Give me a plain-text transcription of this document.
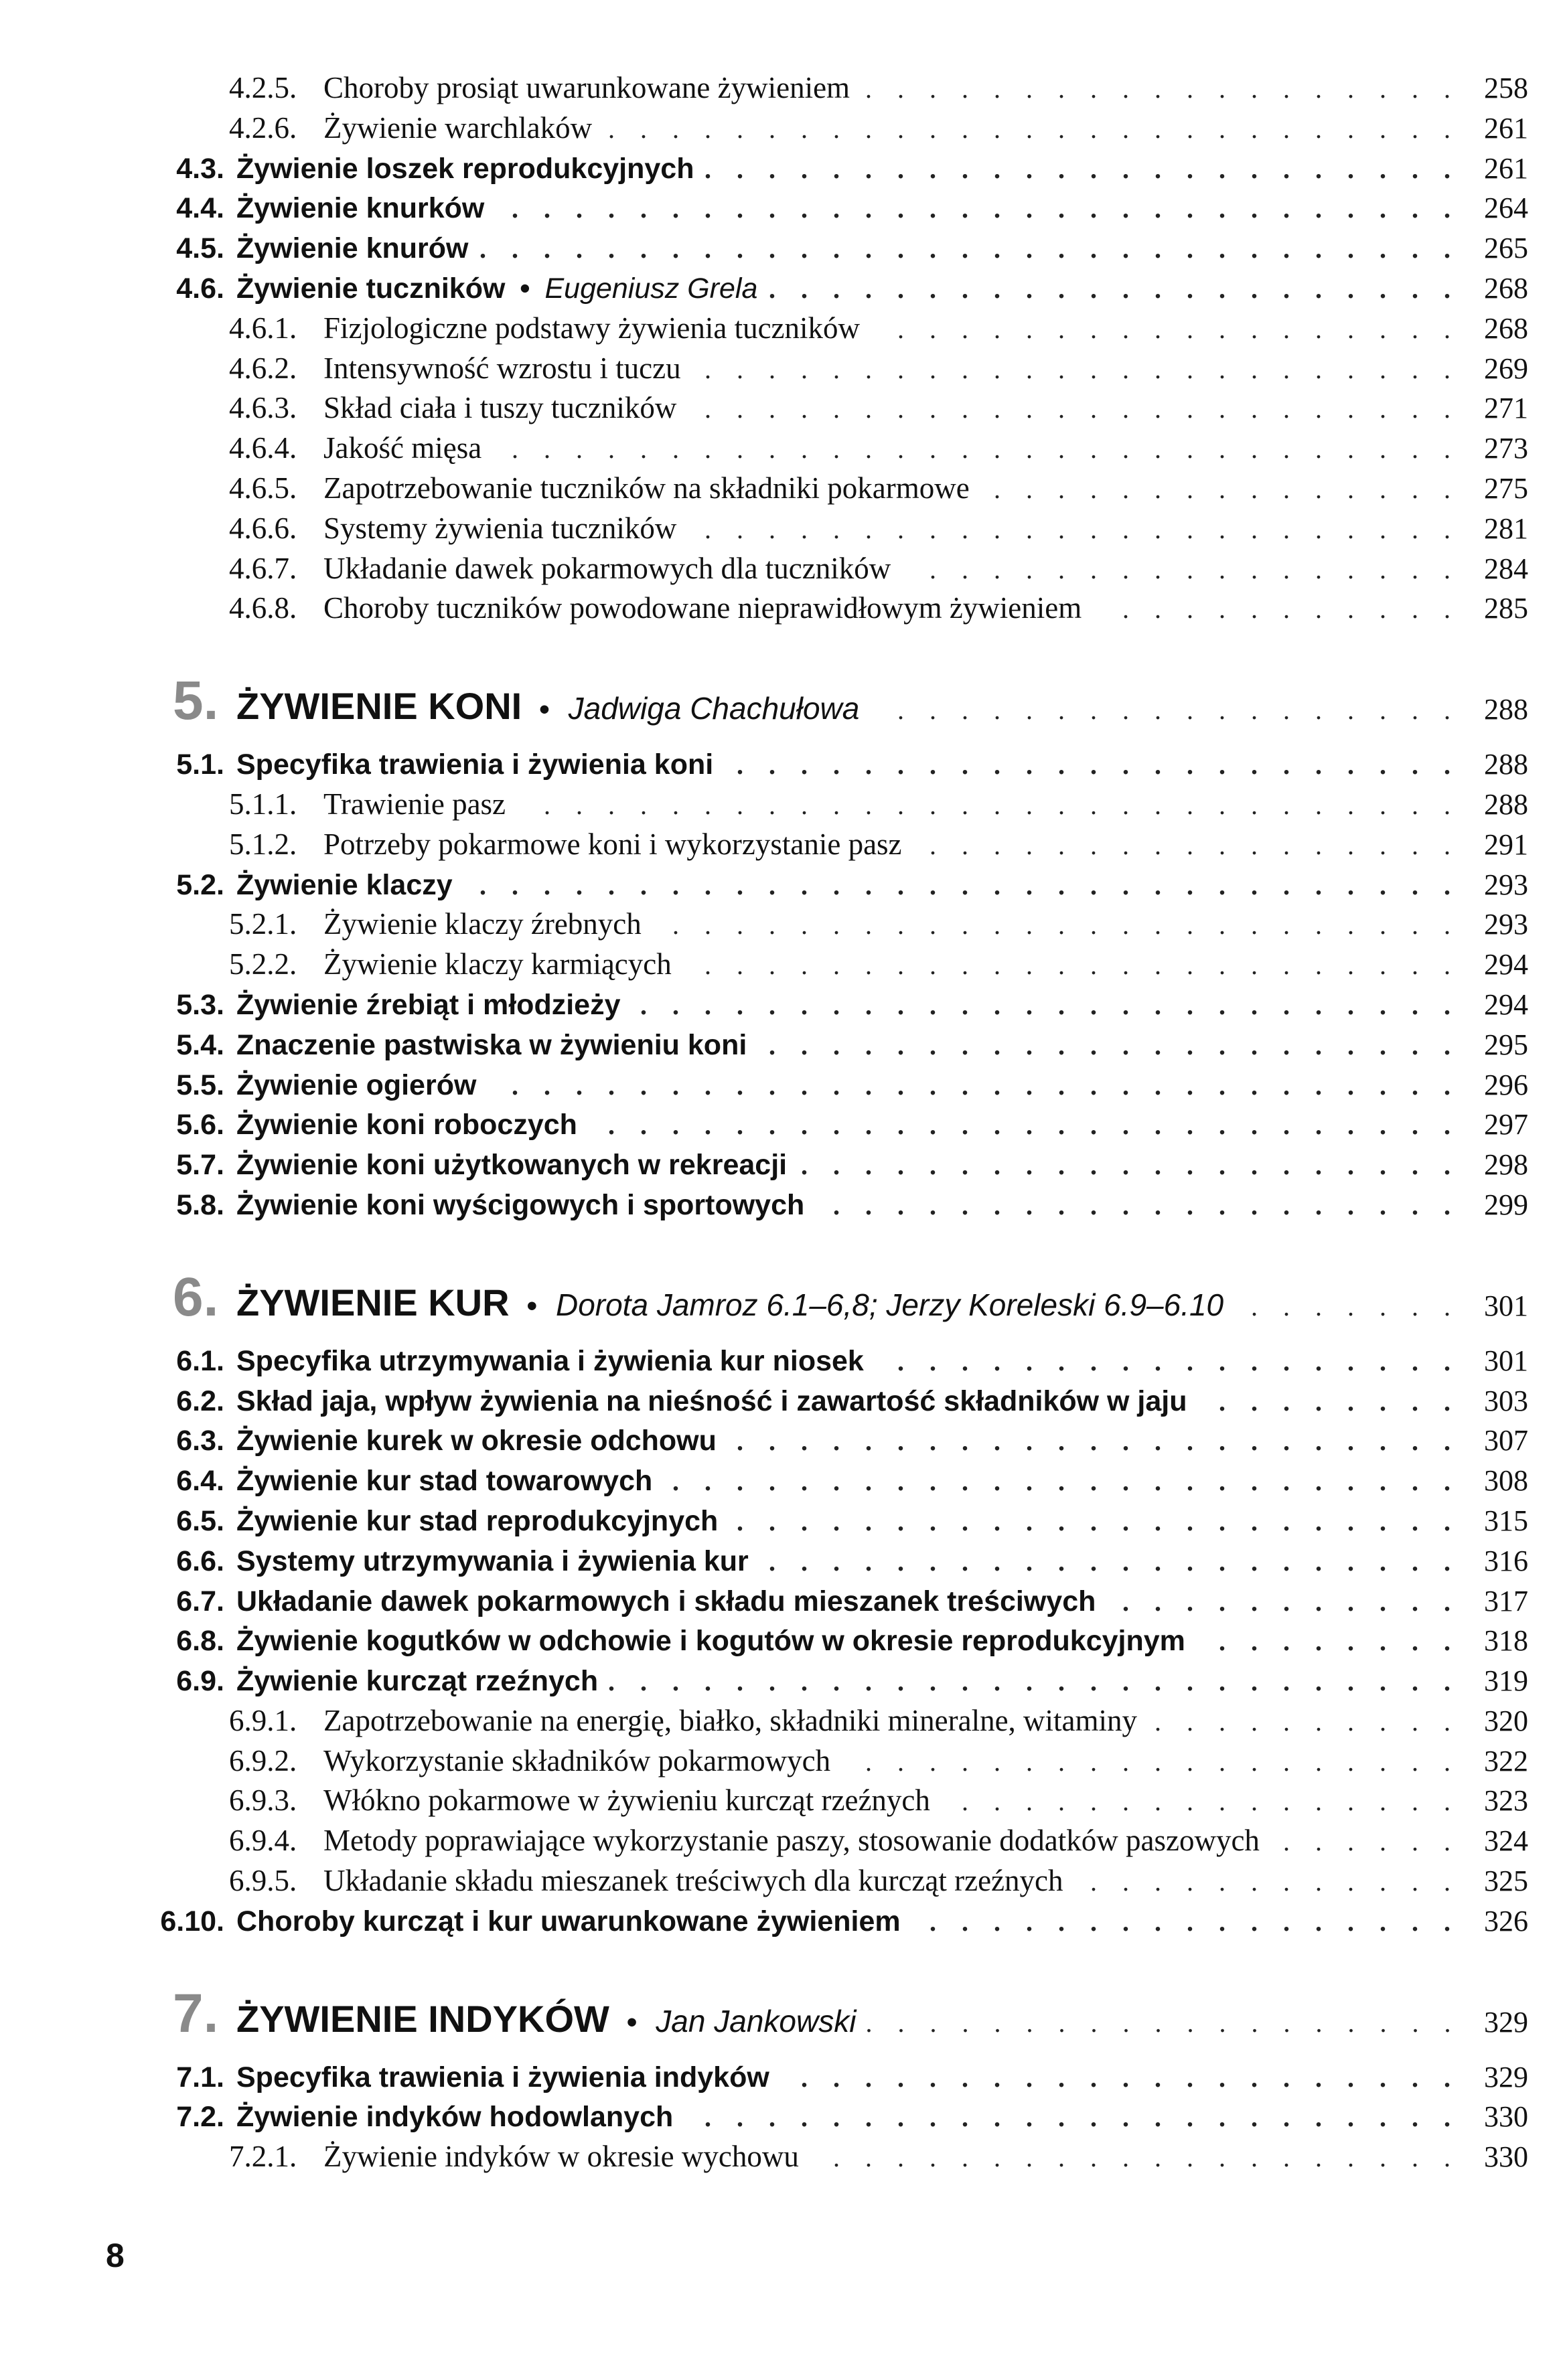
4.2.5. Choroby prosiąt uwarunkowane żywieniem . . . . . . . . . . . . . . . . . . . 258
4.2.6. Żywienie warchlaków . . . . . . . . . . . . . . . . . . . . . . . . . . . 261
4.3. Żywienie loszek reprodukcyjnych . . . . . . . . . . . . . . . . . . . . . . . . 261
4.4. Żywienie knurków	. . . . . . . . . . . . . . . . . . . . . . . . . . . . . . 264
4.5. Żywienie knurów . . . . . . . . . . . . . . . . . . . . . . . . . . . . . . . 265
4.6. Żywienie tuczników • Eugeniusz Grela . . . . . . . . . . . . . . . . . . . . . . 268
4.6.1. Fizjologiczne podstawy żywienia tuczników	. . . . . . . . . . . . . . . . . . 268
4.6.2. Intensywność wzrostu i tuczu . . . . . . . . . . . . . . . . . . . . . . . . 269
4.6.3. Skład ciała i tuszy tuczników	. . . . . . . . . . . . . . . . . . . . . . . . 271
4.6.4. Jakość mięsa	. . . . . . . . . . . . . . . . . . . . . . . . . . . . . . 273
4.6.5. Zapotrzebowanie tuczników na składniki pokarmowe . . . . . . . . . . . . . . . 275
4.6.6. Systemy żywienia tuczników	. . . . . . . . . . . . . . . . . . . . . . . . 281
4.6.7. Układanie dawek pokarmowych dla tuczników	. . . . . . . . . . . . . . . . . 284
4.6.8. Choroby tuczników powodowane nieprawidłowym żywieniem	. . . . . . . . . . . 285
5. ŻYWIENIE KONI • Jadwiga Chachułowa	. . . . . . . . . . . . . . . . . . 288
5.1. Specyfika trawienia i żywienia koni . . . . . . . . . . . . . . . . . . . . . . . 288
5.1.1. Trawienie pasz	. . . . . . . . . . . . . . . . . . . . . . . . . . . . . 288
5.1.2. Potrzeby pokarmowe koni i wykorzystanie pasz	. . . . . . . . . . . . . . . . . 291
5.2. Żywienie klaczy	. . . . . . . . . . . . . . . . . . . . . . . . . . . . . . . 293
5.2.1. Żywienie klaczy źrebnych	. . . . . . . . . . . . . . . . . . . . . . . . . 293
5.2.2. Żywienie klaczy karmiących	. . . . . . . . . . . . . . . . . . . . . . . . 294
5.3. Żywienie źrebiąt i młodzieży . . . . . . . . . . . . . . . . . . . . . . . . . . 294
5.4. Znaczenie pastwiska w żywieniu koni . . . . . . . . . . . . . . . . . . . . . . 295
5.5. Żywienie ogierów	. . . . . . . . . . . . . . . . . . . . . . . . . . . . . . 296
5.6. Żywienie koni roboczych	. . . . . . . . . . . . . . . . . . . . . . . . . . . 297
5.7. Żywienie koni użytkowanych w rekreacji . . . . . . . . . . . . . . . . . . . . . 298
5.8. Żywienie koni wyścigowych i sportowych	. . . . . . . . . . . . . . . . . . . . 299
6. ŻYWIENIE KUR • Dorota Jamroz 6.1–6,8; Jerzy Koreleski 6.9–6.10	. . . . . . . 301
6.1. Specyfika utrzymywania i żywienia kur niosek	. . . . . . . . . . . . . . . . . . 301
6.2. Skład jaja, wpływ żywienia na nieśność i zawartość składników w jaju	. . . . . . . . 303
6.3. Żywienie kurek w okresie odchowu . . . . . . . . . . . . . . . . . . . . . . . 307
6.4. Żywienie kur stad towarowych . . . . . . . . . . . . . . . . . . . . . . . . . 308
6.5. Żywienie kur stad reprodukcyjnych . . . . . . . . . . . . . . . . . . . . . . . 315
6.6. Systemy utrzymywania i żywienia kur . . . . . . . . . . . . . . . . . . . . . . 316
6.7. Układanie dawek pokarmowych i składu mieszanek treściwych . . . . . . . . . . . 317
6.8. Żywienie kogutków w odchowie i kogutów w okresie reprodukcyjnym	. . . . . . . . 318
6.9. Żywienie kurcząt rzeźnych . . . . . . . . . . . . . . . . . . . . . . . . . . . 319
6.9.1. Zapotrzebowanie na energię, białko, składniki mineralne, witaminy . . . . . . . . . . 320
6.9.2. Wykorzystanie składników pokarmowych	. . . . . . . . . . . . . . . . . . . 322
6.9.3. Włókno pokarmowe w żywieniu kurcząt rzeźnych	. . . . . . . . . . . . . . . . 323
6.9.4. Metody poprawiające wykorzystanie paszy, stosowanie dodatków paszowych . . . . . . 324
6.9.5. Układanie składu mieszanek treściwych dla kurcząt rzeźnych	. . . . . . . . . . . . 325
6.10. Choroby kurcząt i kur uwarunkowane żywieniem	. . . . . . . . . . . . . . . . . 326
7. ŻYWIENIE INDYKÓW • Jan Jankowski . . . . . . . . . . . . . . . . . . . 329
7.1. Specyfika trawienia i żywienia indyków	. . . . . . . . . . . . . . . . . . . . . 329
7.2. Żywienie indyków hodowlanych	. . . . . . . . . . . . . . . . . . . . . . . . 330
7.2.1. Żywienie indyków w okresie wychowu	. . . . . . . . . . . . . . . . . . . . 330
8
